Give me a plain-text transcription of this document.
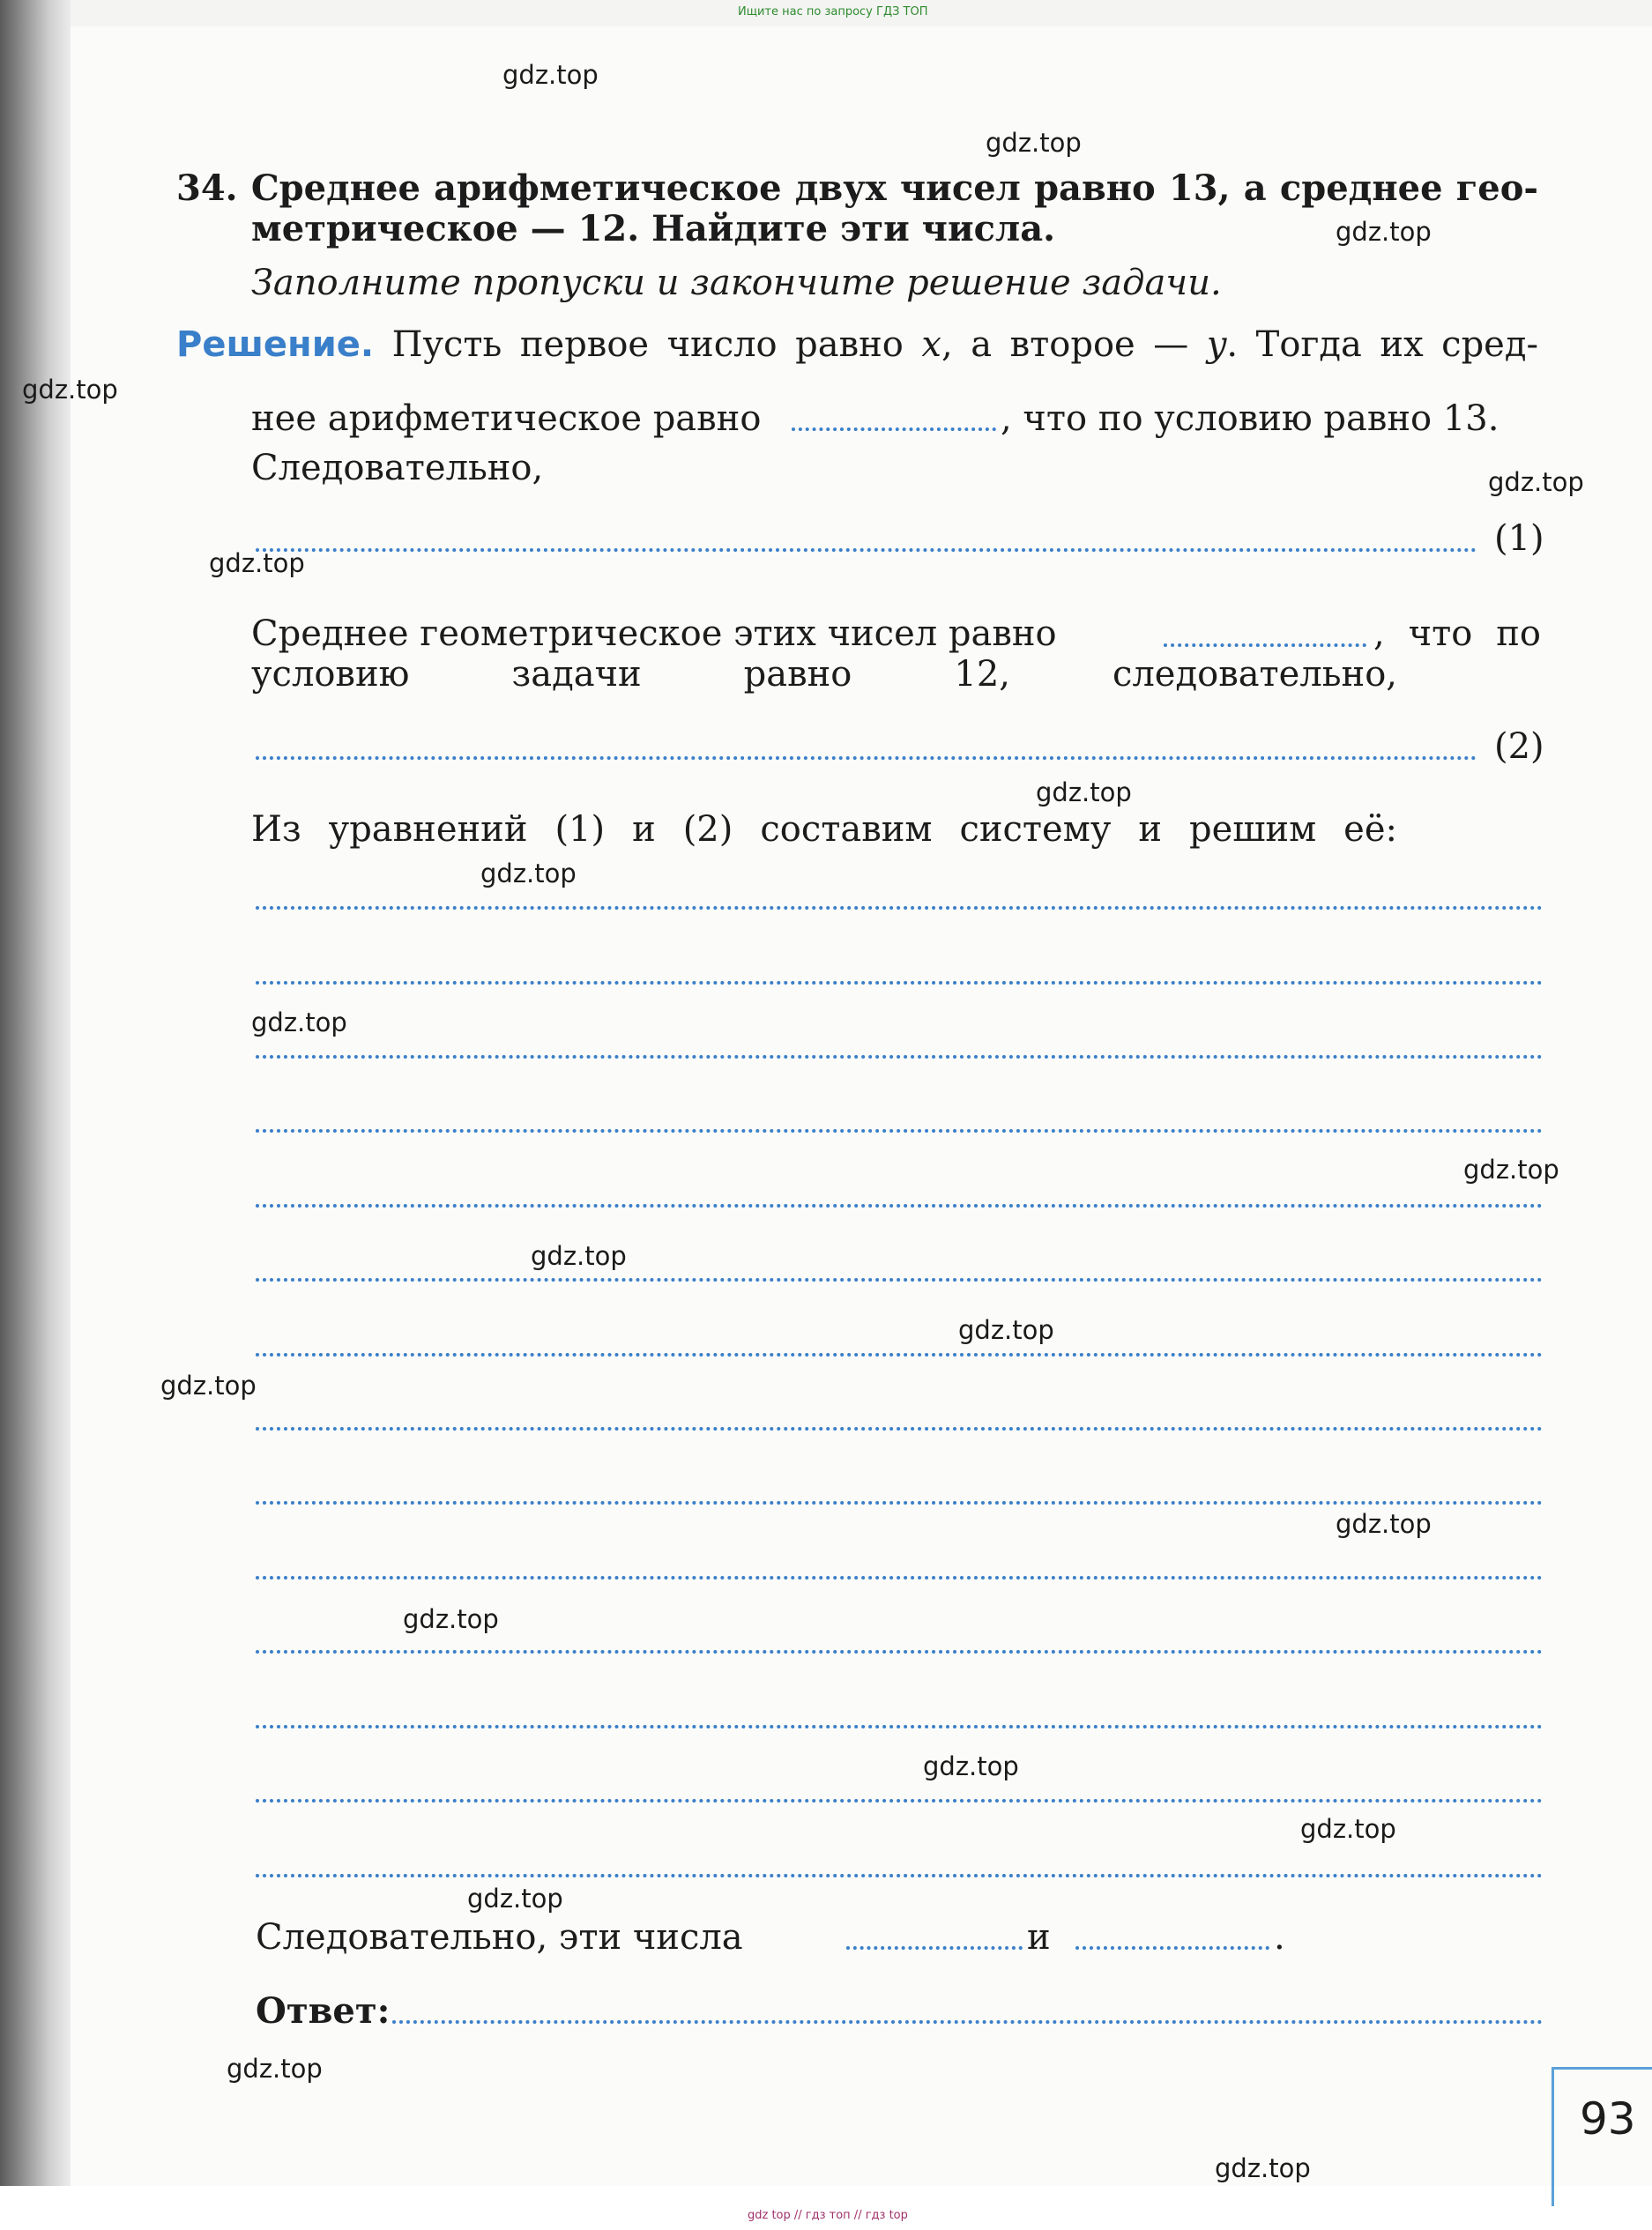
Ищите нас по запросу ГДЗ ТОП
gdz top // гдз топ // гдз top
34. Среднее арифметическое двух чисел равно 13, а среднее гео-
метрическое — 12. Найдите эти числа.
Заполните пропуски и закончите решение задачи.
Решение. Пусть первое число равно x, а второе — y. Тогда их сред-
нее арифметическое равно	, что по условию равно 13.
Следовательно,
(1)
Среднее геометрическое этих чисел равно	, что по
условию задачи равно 12, следовательно,
(2)
Из уравнений (1) и (2) составим систему и решим её:
Следовательно, эти числа	и	.
Ответ:
93
gdz.top
gdz.top
gdz.top
gdz.top
gdz.top
gdz.top
gdz.top
gdz.top
gdz.top
gdz.top
gdz.top
gdz.top
gdz.top
gdz.top
gdz.top
gdz.top
gdz.top
gdz.top
gdz.top
gdz.top
